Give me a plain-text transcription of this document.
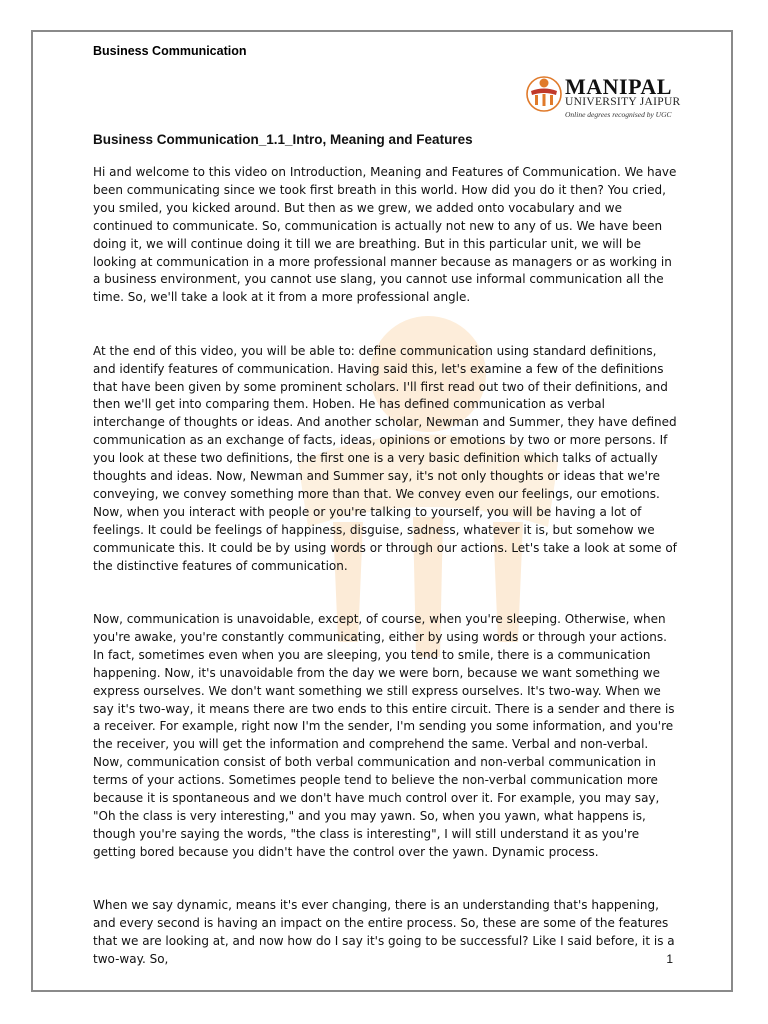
Business Communication
MANIPAL
UNIVERSITY JAIPUR
Online degrees recognised by UGC
Business Communication_1.1_Intro, Meaning and Features

Hi and welcome to this video on Introduction, Meaning and Features of Communication. We have been communicating since we took first breath in this world. How did you do it then? You cried, you smiled, you kicked around. But then as we grew, we added onto vocabulary and we continued to communicate. So, communication is actually not new to any of us. We have been doing it, we will continue doing it till we are breathing. But in this particular unit, we will be looking at communication in a more professional manner because as managers or as working in a business environment, you cannot use slang, you cannot use informal communication all the time. So, we'll take a look at it from a more professional angle.

At the end of this video, you will be able to: define communication using standard definitions, and identify features of communication. Having said this, let's examine a few of the definitions that have been given by some prominent scholars. I'll first read out two of their definitions, and then we'll get into comparing them. Hoben. He has defined communication as verbal interchange of thoughts or ideas. And another scholar, Newman and Summer, they have defined communication as an exchange of facts, ideas, opinions or emotions by two or more persons. If you look at these two definitions, the first one is a very basic definition which talks of actually thoughts and ideas. Now, Newman and Summer say, it's not only thoughts or ideas that we're conveying, we convey something more than that. We convey even our feelings, our emotions. Now, when you interact with people or you're talking to yourself, you will be having a lot of feelings. It could be feelings of happiness, disguise, sadness, whatever it is, but somehow we communicate this. It could be by using words or through our actions. Let's take a look at some of the distinctive features of communication.

Now, communication is unavoidable, except, of course, when you're sleeping. Otherwise, when you're awake, you're constantly communicating, either by using words or through your actions. In fact, sometimes even when you are sleeping, you tend to smile, there is a communication happening. Now, it's unavoidable from the day we were born, because we want something we express ourselves. We don't want something we still express ourselves. It's two-way. When we say it's two-way, it means there are two ends to this entire circuit. There is a sender and there is a receiver. For example, right now I'm the sender, I'm sending you some information, and you're the receiver, you will get the information and comprehend the same. Verbal and non-verbal. Now, communication consist of both verbal communication and non-verbal communication in terms of your actions. Sometimes people tend to believe the non-verbal communication more because it is spontaneous and we don't have much control over it. For example, you may say, "Oh the class is very interesting," and you may yawn. So, when you yawn, what happens is, though you're saying the words, "the class is interesting", I will still understand it as you're getting bored because you didn't have the control over the yawn. Dynamic process.

When we say dynamic, means it's ever changing, there is an understanding that's happening, and every second is having an impact on the entire process. So, these are some of the features that we are looking at, and now how do I say it's going to be successful? Like I said before, it is a two-way. So,	1
